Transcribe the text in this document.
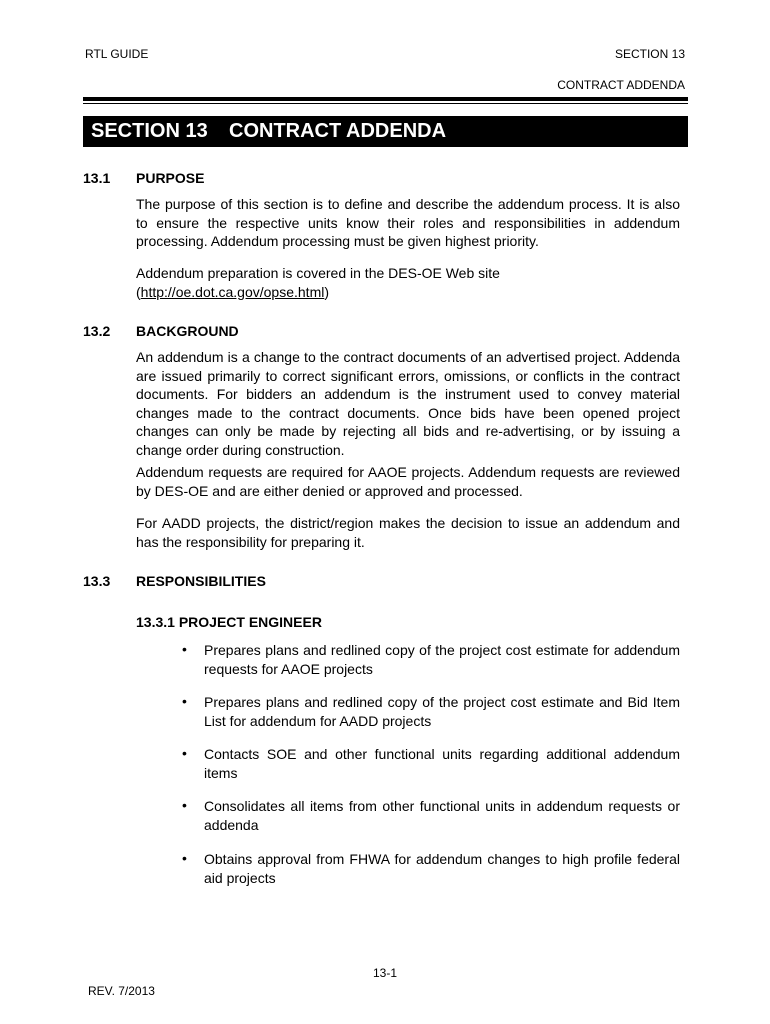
RTL GUIDE	SECTION 13
CONTRACT ADDENDA
SECTION 13 CONTRACT ADDENDA
13.1 PURPOSE
The purpose of this section is to define and describe the addendum process. It is also to ensure the respective units know their roles and responsibilities in addendum processing. Addendum processing must be given highest priority.
Addendum preparation is covered in the DES-OE Web site
(http://oe.dot.ca.gov/opse.html)
13.2 BACKGROUND
An addendum is a change to the contract documents of an advertised project. Addenda are issued primarily to correct significant errors, omissions, or conflicts in the contract documents. For bidders an addendum is the instrument used to convey material changes made to the contract documents. Once bids have been opened project changes can only be made by rejecting all bids and re-advertising, or by issuing a change order during construction.
Addendum requests are required for AAOE projects. Addendum requests are reviewed by DES-OE and are either denied or approved and processed.
For AADD projects, the district/region makes the decision to issue an addendum and has the responsibility for preparing it.
13.3 RESPONSIBILITIES
13.3.1 PROJECT ENGINEER
• Prepares plans and redlined copy of the project cost estimate for addendum requests for AAOE projects
• Prepares plans and redlined copy of the project cost estimate and Bid Item List for addendum for AADD projects
• Contacts SOE and other functional units regarding additional addendum items
• Consolidates all items from other functional units in addendum requests or addenda
• Obtains approval from FHWA for addendum changes to high profile federal aid projects
13-1
REV. 7/2013
